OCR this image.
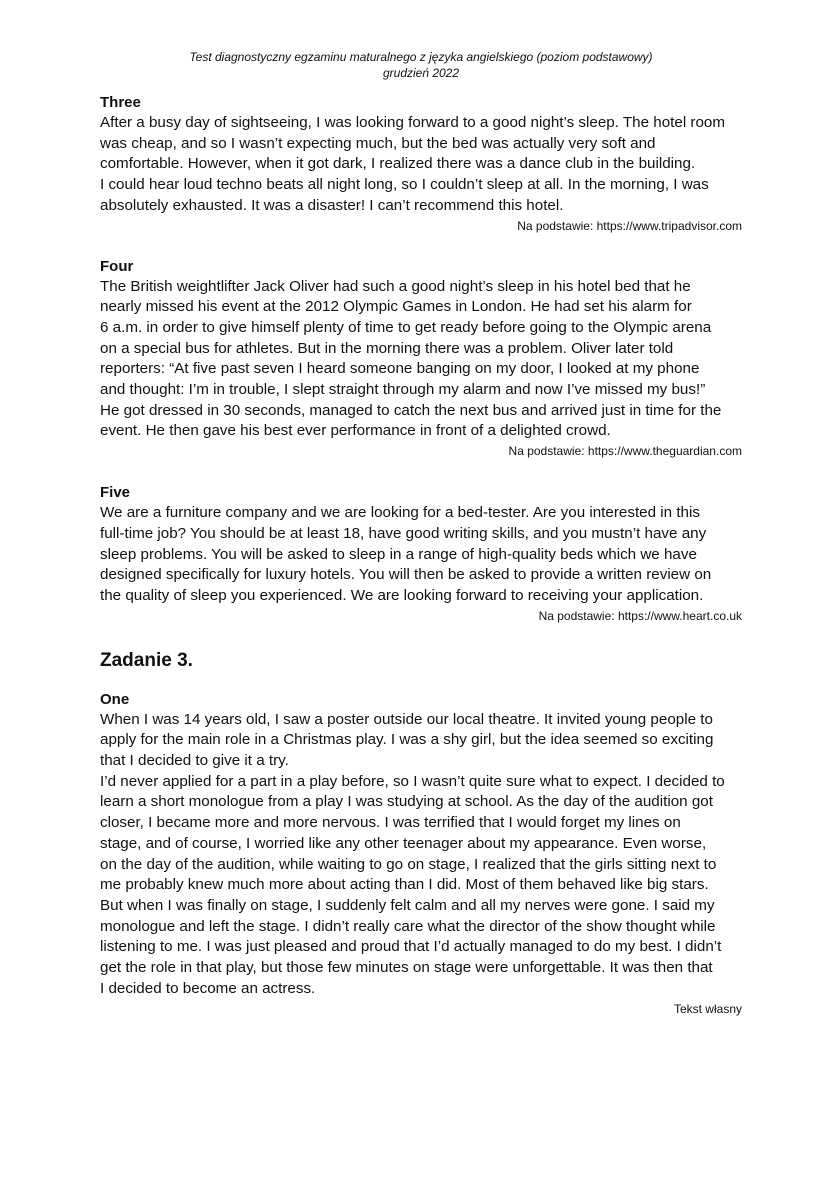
Test diagnostyczny egzaminu maturalnego z języka angielskiego (poziom podstawowy)
grudzień 2022

Three

After a busy day of sightseeing, I was looking forward to a good night’s sleep. The hotel room
was cheap, and so I wasn’t expecting much, but the bed was actually very soft and
comfortable. However, when it got dark, I realized there was a dance club in the building.
I could hear loud techno beats all night long, so I couldn’t sleep at all. In the morning, I was
absolutely exhausted. It was a disaster! I can’t recommend this hotel.

Na podstawie: https://www.tripadvisor.com

Four

The British weightlifter Jack Oliver had such a good night’s sleep in his hotel bed that he
nearly missed his event at the 2012 Olympic Games in London. He had set his alarm for
6 a.m. in order to give himself plenty of time to get ready before going to the Olympic arena
on a special bus for athletes. But in the morning there was a problem. Oliver later told
reporters: “At five past seven I heard someone banging on my door, I looked at my phone
and thought: I’m in trouble, I slept straight through my alarm and now I’ve missed my bus!”
He got dressed in 30 seconds, managed to catch the next bus and arrived just in time for the
event. He then gave his best ever performance in front of a delighted crowd.

Na podstawie: https://www.theguardian.com

Five

We are a furniture company and we are looking for a bed-tester. Are you interested in this
full-time job? You should be at least 18, have good writing skills, and you mustn’t have any
sleep problems. You will be asked to sleep in a range of high-quality beds which we have
designed specifically for luxury hotels. You will then be asked to provide a written review on
the quality of sleep you experienced. We are looking forward to receiving your application.

Na podstawie: https://www.heart.co.uk

Zadanie 3.

One

When I was 14 years old, I saw a poster outside our local theatre. It invited young people to
apply for the main role in a Christmas play. I was a shy girl, but the idea seemed so exciting
that I decided to give it a try.
I’d never applied for a part in a play before, so I wasn’t quite sure what to expect. I decided to
learn a short monologue from a play I was studying at school. As the day of the audition got
closer, I became more and more nervous. I was terrified that I would forget my lines on
stage, and of course, I worried like any other teenager about my appearance. Even worse,
on the day of the audition, while waiting to go on stage, I realized that the girls sitting next to
me probably knew much more about acting than I did. Most of them behaved like big stars.
But when I was finally on stage, I suddenly felt calm and all my nerves were gone. I said my
monologue and left the stage. I didn’t really care what the director of the show thought while
listening to me. I was just pleased and proud that I’d actually managed to do my best. I didn’t
get the role in that play, but those few minutes on stage were unforgettable. It was then that
I decided to become an actress.

Tekst własny
